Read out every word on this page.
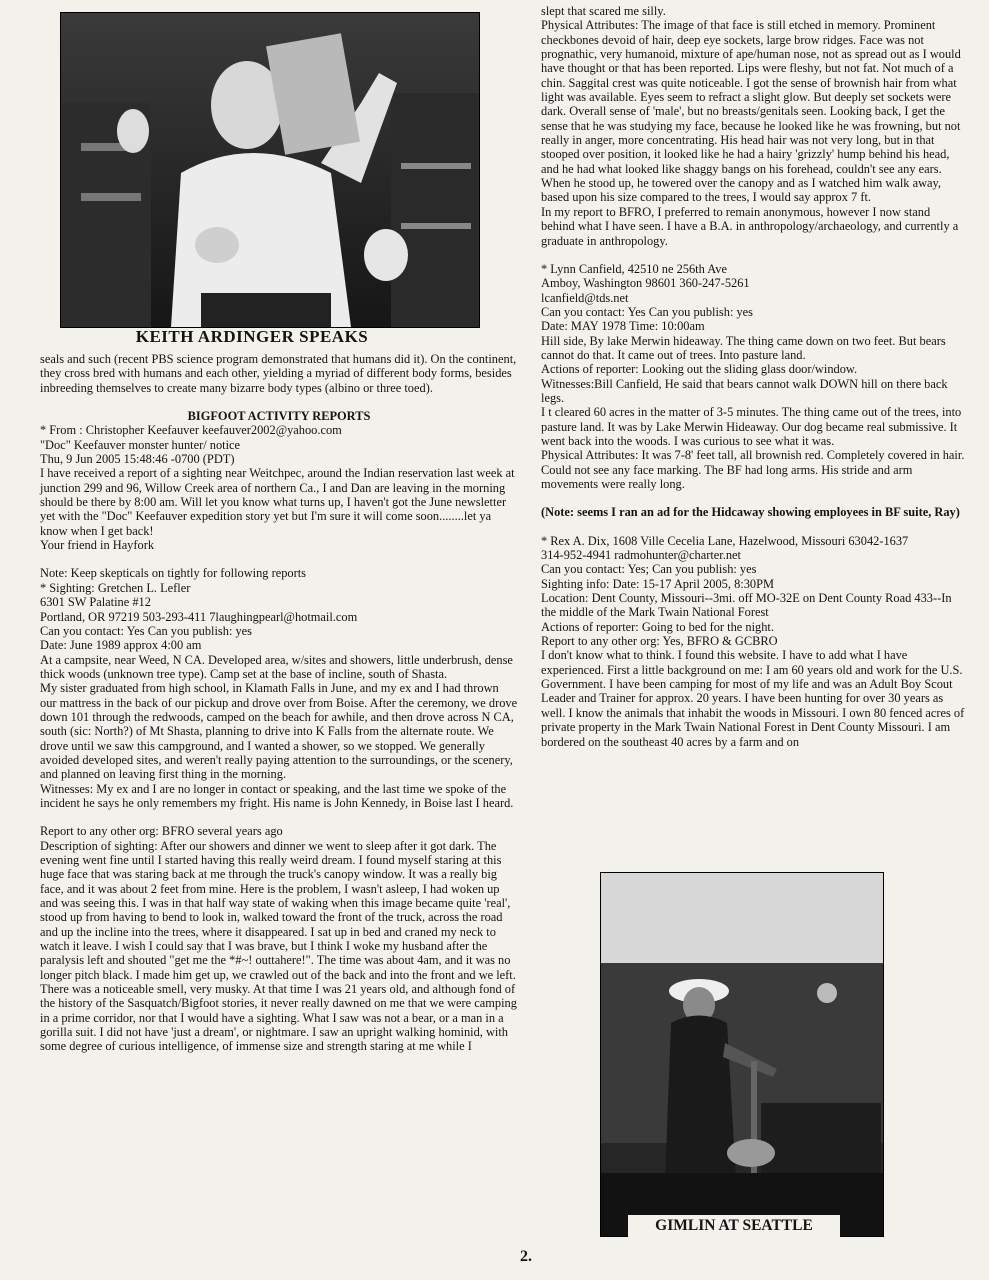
KEITH ARDINGER SPEAKS

seals and such (recent PBS science program demonstrated that humans did it). On the continent, they cross bred with humans and each other, yielding a myriad of different body forms, besides inbreeding themselves to create many bizarre body types (albino or three toed).

BIGFOOT ACTIVITY REPORTS

* From : Christopher Keefauver keefauver2002@yahoo.com
"Doc" Keefauver monster hunter/ notice
Thu, 9 Jun 2005 15:48:46 -0700 (PDT)
I have received a report of a sighting near Weitchpec, around the Indian reservation last week at junction 299 and 96, Willow Creek area of northern Ca., I and Dan are leaving in the morning should be there by 8:00 am. Will let you know what turns up, I haven't got the June newsletter yet with the "Doc" Keefauver expedition story yet but I'm sure it will come soon........let ya know when I get back!
Your friend in Hayfork

Note: Keep skepticals on tightly for following reports
* Sighting: Gretchen L. Lefler
6301 SW Palatine #12
Portland, OR 97219 503-293-411 7laughingpearl@hotmail.com
Can you contact: Yes Can you publish: yes
Date: June 1989 approx 4:00 am
At a campsite, near Weed, N CA. Developed area, w/sites and showers, little underbrush, dense thick woods (unknown tree type). Camp set at the base of incline, south of Shasta.
My sister graduated from high school, in Klamath Falls in June, and my ex and I had thrown our mattress in the back of our pickup and drove over from Boise. After the ceremony, we drove down 101 through the redwoods, camped on the beach for awhile, and then drove across N CA, south (sic: North?) of Mt Shasta, planning to drive into K Falls from the alternate route. We drove until we saw this campground, and I wanted a shower, so we stopped. We generally avoided developed sites, and weren't really paying attention to the surroundings, or the scenery, and planned on leaving first thing in the morning.
Witnesses: My ex and I are no longer in contact or speaking, and the last time we spoke of the incident he says he only remembers my fright. His name is John Kennedy, in Boise last I heard.

Report to any other org: BFRO several years ago
Description of sighting: After our showers and dinner we went to sleep after it got dark. The evening went fine until I started having this really weird dream. I found myself staring at this huge face that was staring back at me through the truck's canopy window. It was a really big face, and it was about 2 feet from mine. Here is the problem, I wasn't asleep, I had woken up and was seeing this. I was in that half way state of waking when this image became quite 'real', stood up from having to bend to look in, walked toward the front of the truck, across the road and up the incline into the trees, where it disappeared. I sat up in bed and craned my neck to watch it leave. I wish I could say that I was brave, but I think I woke my husband after the paralysis left and shouted "get me the *#~! outtahere!". The time was about 4am, and it was no longer pitch black. I made him get up, we crawled out of the back and into the front and we left. There was a noticeable smell, very musky. At that time I was 21 years old, and although fond of the history of the Sasquatch/Bigfoot stories, it never really dawned on me that we were camping in a prime corridor, nor that I would have a sighting. What I saw was not a bear, or a man in a gorilla suit. I did not have 'just a dream', or nightmare. I saw an upright walking hominid, with some degree of curious intelligence, of immense size and strength staring at me while I

slept that scared me silly.
Physical Attributes: The image of that face is still etched in memory. Prominent checkbones devoid of hair, deep eye sockets, large brow ridges. Face was not prognathic, very humanoid, mixture of ape/human nose, not as spread out as I would have thought or that has been reported. Lips were fleshy, but not fat. Not much of a chin. Saggital crest was quite noticeable. I got the sense of brownish hair from what light was available. Eyes seem to refract a slight glow. But deeply set sockets were dark. Overall sense of 'male', but no breasts/genitals seen. Looking back, I get the sense that he was studying my face, because he looked like he was frowning, but not really in anger, more concentrating. His head hair was not very long, but in that stooped over position, it looked like he had a hairy 'grizzly' hump behind his head, and he had what looked like shaggy bangs on his forehead, couldn't see any ears. When he stood up, he towered over the canopy and as I watched him walk away, based upon his size compared to the trees, I would say approx 7 ft.
In my report to BFRO, I preferred to remain anonymous, however I now stand behind what I have seen. I have a B.A. in anthropology/archaeology, and currently a graduate in anthropology.

* Lynn Canfield, 42510 ne 256th Ave
Amboy, Washington 98601 360-247-5261
lcanfield@tds.net
Can you contact: Yes Can you publish: yes
Date: MAY 1978 Time: 10:00am
Hill side, By lake Merwin hideaway. The thing came down on two feet. But bears cannot do that. It came out of trees. Into pasture land.
Actions of reporter: Looking out the sliding glass door/window.
Witnesses:Bill Canfield, He said that bears cannot walk DOWN hill on there back legs.
I t cleared 60 acres in the matter of 3-5 minutes. The thing came out of the trees, into pasture land. It was by Lake Merwin Hideaway. Our dog became real submissive. It went back into the woods. I was curious to see what it was.
Physical Attributes: It was 7-8' feet tall, all brownish red. Completely covered in hair. Could not see any face marking. The BF had long arms. His stride and arm movements were really long.

(Note: seems I ran an ad for the Hidcaway showing employees in BF suite, Ray)

* Rex A. Dix, 1608 Ville Cecelia Lane, Hazelwood, Missouri 63042-1637
314-952-4941 radmohunter@charter.net
Can you contact: Yes; Can you publish: yes
Sighting info: Date: 15-17 April 2005, 8:30PM
Location: Dent County, Missouri--3mi. off MO-32E on Dent County Road 433--In the middle of the Mark Twain National Forest
Actions of reporter: Going to bed for the night.
Report to any other org: Yes, BFRO & GCBRO
I don't know what to think. I found this website. I have to add what I have experienced. First a little background on me: I am 60 years old and work for the U.S. Government. I have been camping for most of my life and was an Adult Boy Scout Leader and Trainer for approx. 20 years. I have been hunting for over 30 years as well. I know the animals that inhabit the woods in Missouri. I own 80 fenced acres of private property in the Mark Twain National Forest in Dent County Missouri. I am bordered on the southeast 40 acres by a farm and on

GIMLIN AT SEATTLE
2.
